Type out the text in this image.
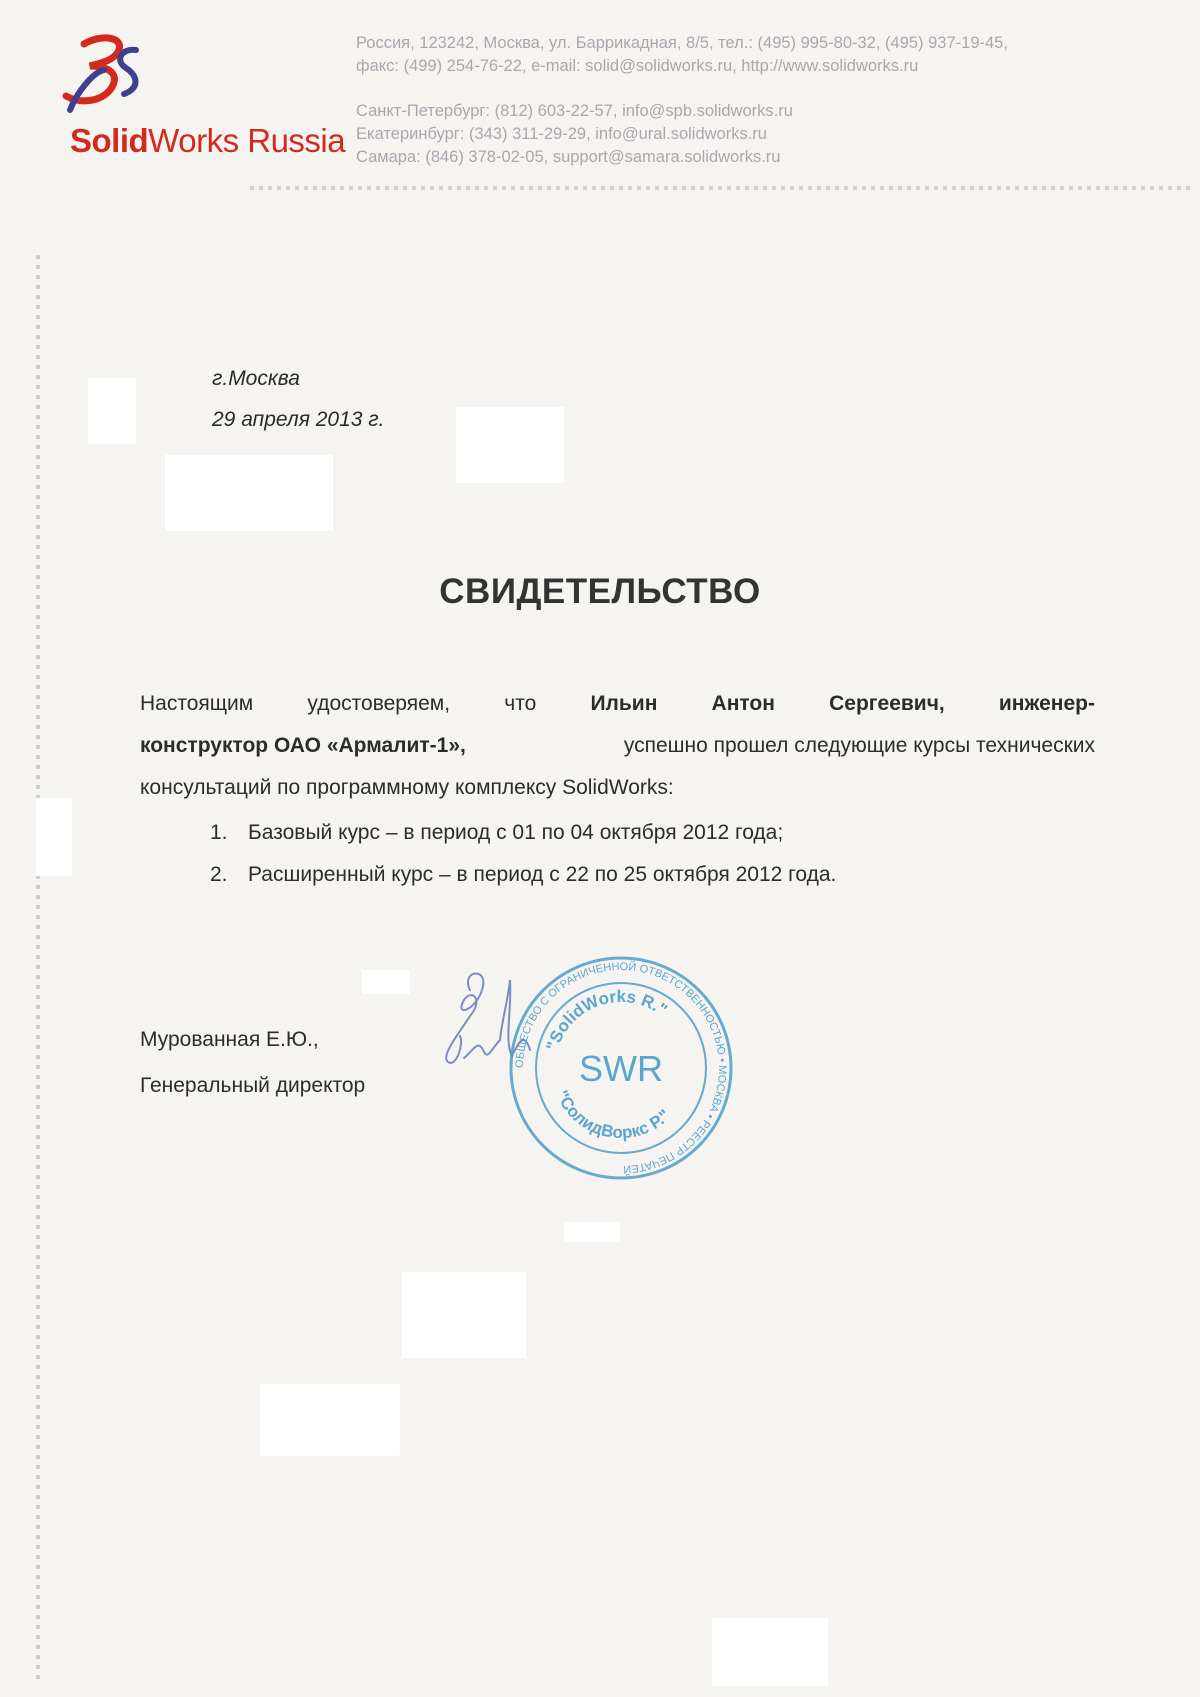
SolidWorks Russia
Россия, 123242, Москва, ул. Баррикадная, 8/5, тел.: (495) 995-80-32, (495) 937-19-45,
факс: (499) 254-76-22, e-mail: solid@solidworks.ru, http://www.solidworks.ru
Санкт-Петербург: (812) 603-22-57, info@spb.solidworks.ru
Екатеринбург: (343) 311-29-29, info@ural.solidworks.ru
Самара: (846) 378-02-05, support@samara.solidworks.ru
г.Москва
29 апреля 2013 г.
СВИДЕТЕЛЬСТВО
Настоящим	удостоверяем,	что	Ильин	Антон	Сергеевич,	инженер-
конструктор ОАО «Армалит-1»,	успешно прошел следующие курсы технических
консультаций по программному комплексу SolidWorks:
1. Базовый курс – в период с 01 по 04 октября 2012 года;
2. Расширенный курс – в период с 22 по 25 октября 2012 года.
Мурованная Е.Ю.,
Генеральный директор
ОБЩЕСТВО С ОГРАНИЧЕННОЙ ОТВЕТСТВЕННОСТЬЮ • МОСКВА • РЕЕСТР ПЕЧАТЕЙ
"SolidWorks R."
"СолидВоркс Р."
SWR
